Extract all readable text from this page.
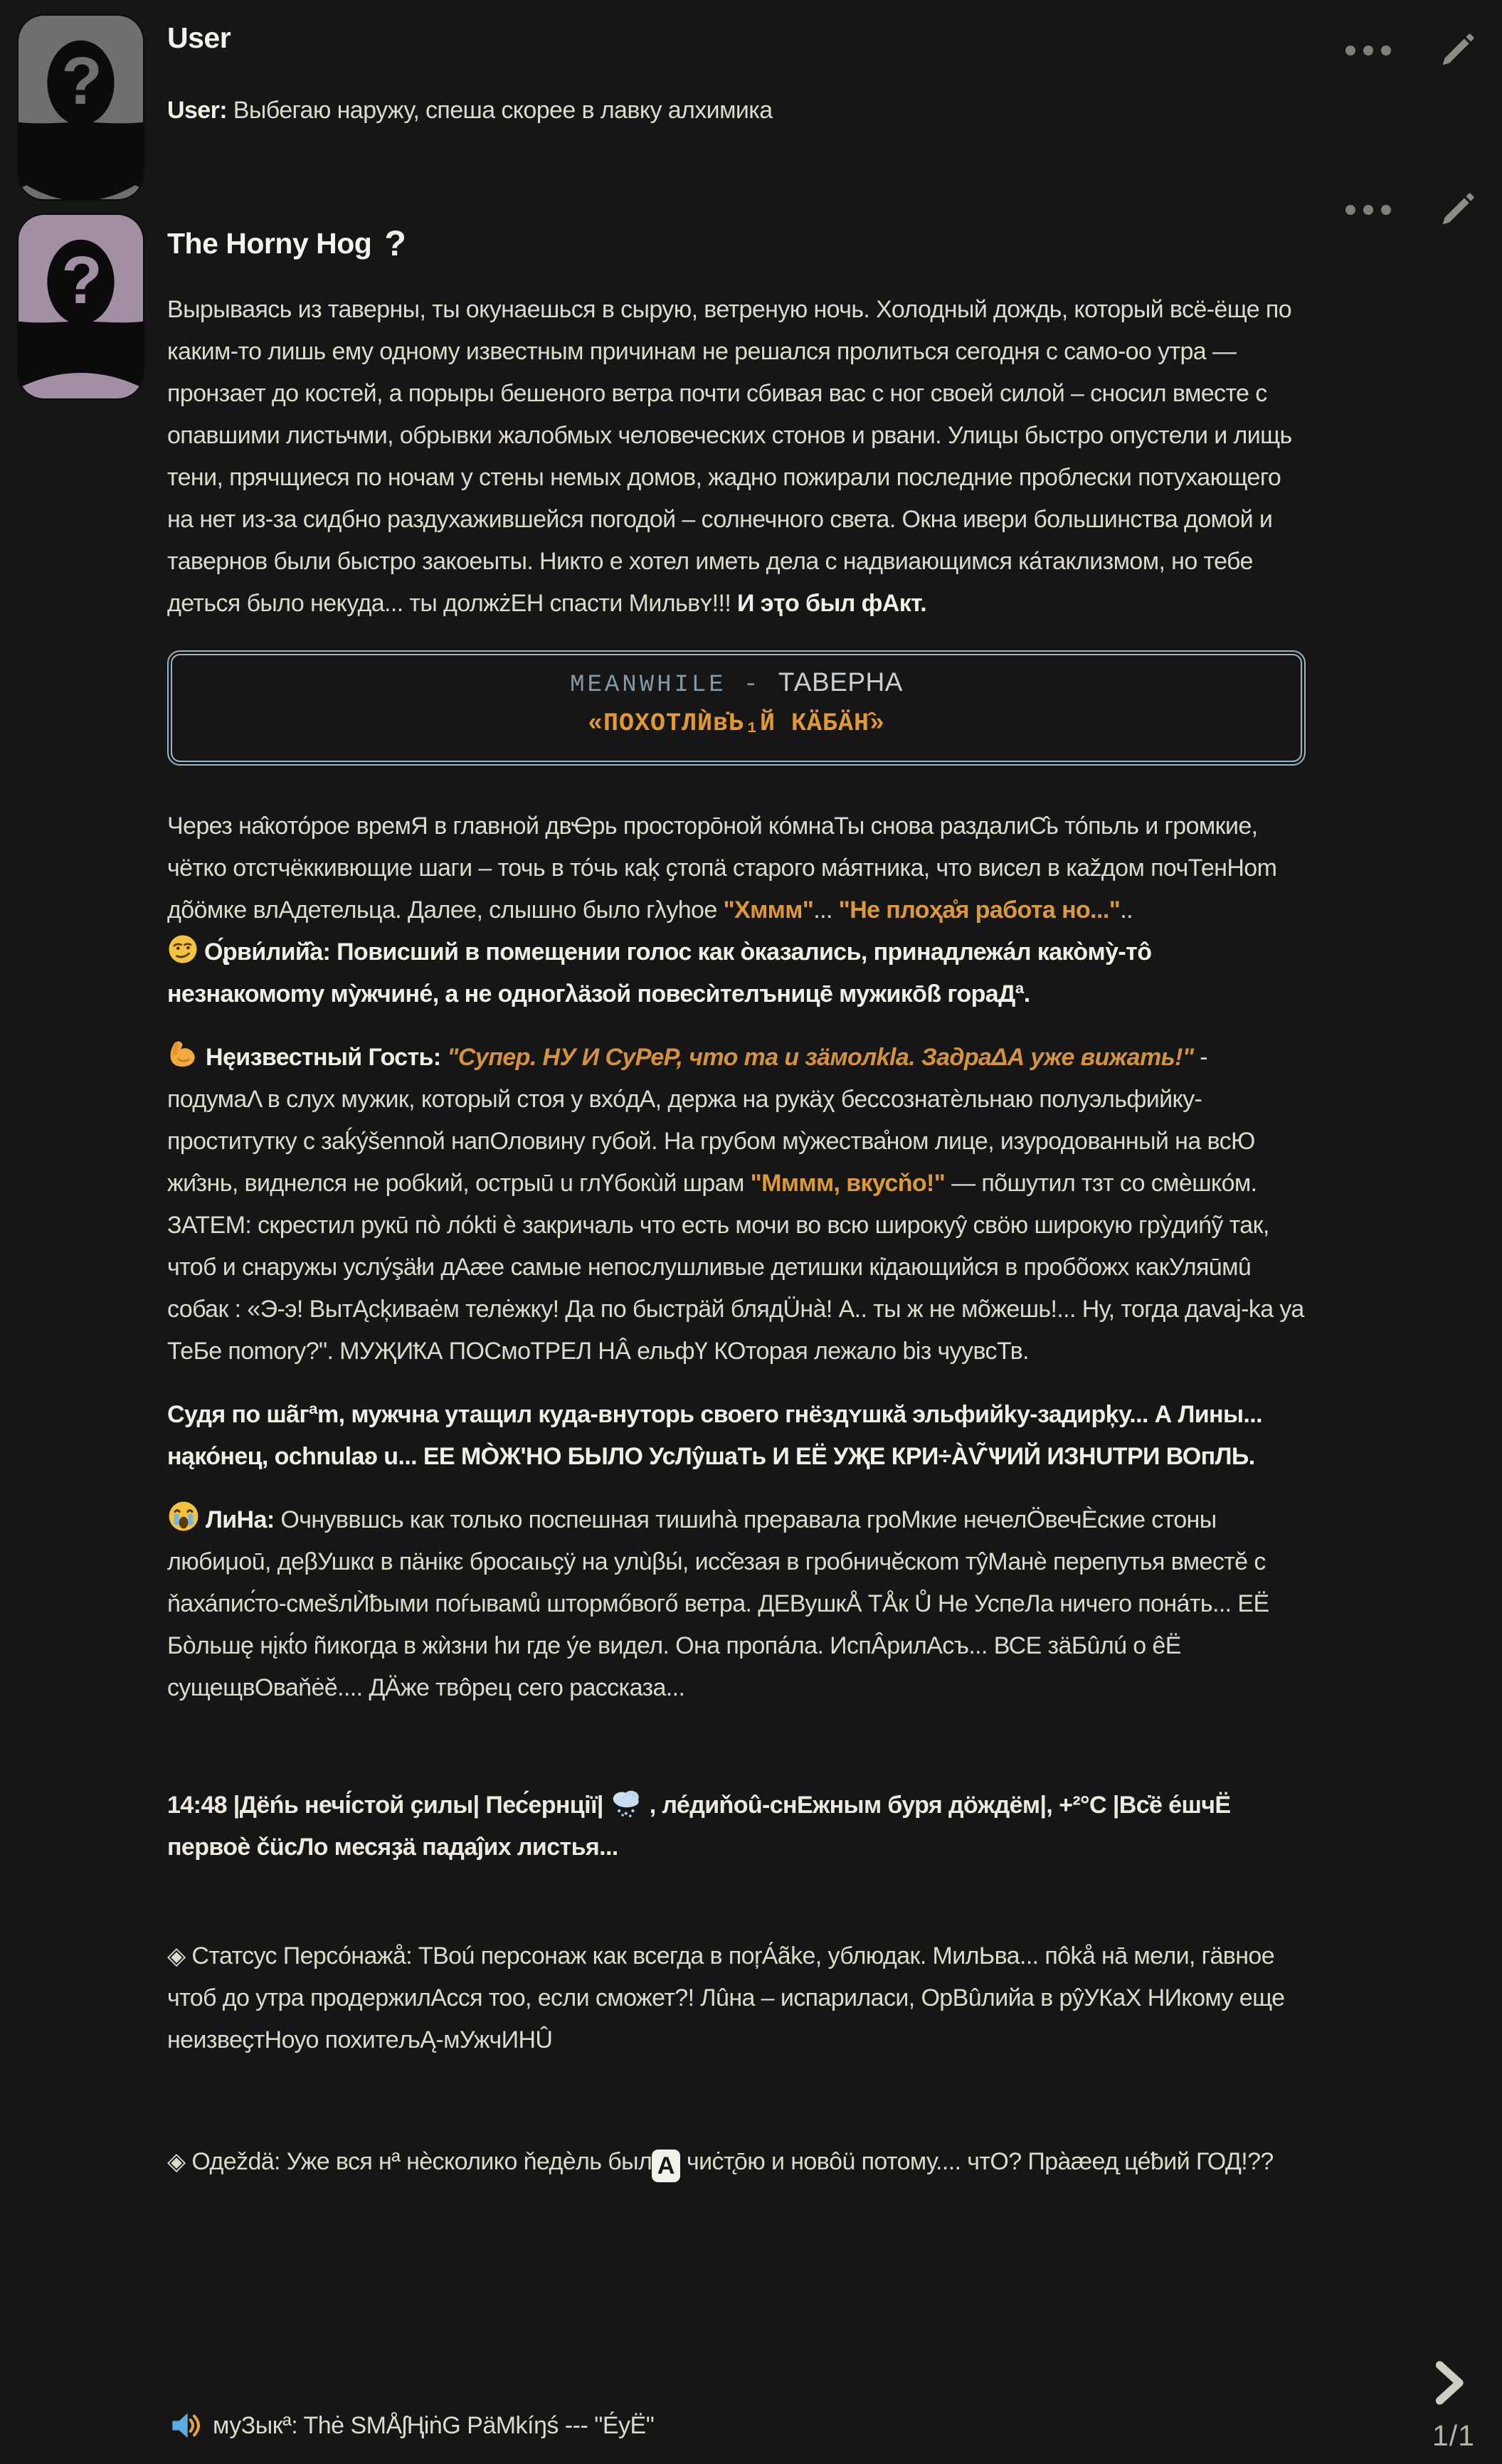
?
User
User: Выбегаю наружу, спеша скорее в лавку алхимика
? The Horny Hog ?
Вырываясь из таверны, ты окунаешься в сырую, ветреную ночь. Холодный дождь, который всё-ёще по каким-то лишь ему одному известным причинам не решался пролиться сегодня с само-оо утра — пронзает до костей, а порыры бешеного ветра почти сбивая вас с ног своей силой – сносил вместе с опавшими листьчми, обрывки жалобмых человеческих стонов и рвани. Улицы быстро опустели и лищь тени, прячщиеся по ночам у стены немых домов, жадно пожирали последние проблески потухающего на нет из-за сидбно раздухажившейся погодой – солнечного света. Окна ивери большинства домой и тавернов были быстро закоеыты. Никто е хотел иметь дела с надвиающимся ка́таклизмом, но тебе деться было некуда... ты должżЕН спасти Мильвʏ!!! И эҭо был фАкт.
MEANWHILE - ТАВЕРНА
«ПОХОТЛЍв̇Ь₁Й КӒБӒН̂»
Через на̂кото́рое времЯ в главной двҼрь просторо̄ной ко́мнаТы снова раздалиС̂ь то́пьль и громкие, чётко отстчёккивющие шаги – точь в то́чь каķ ҫтопӓ старого ма́ятника, что висел в каžдом почТенНоm дõӧмке влАдетельца. Далее, слышно было гλуhое "Хммм"... "Не плоҳа̊я работа но..."..
О̢́рви́лий̂а: Повисший в помещении голос как о̀казались, принадлежа́л како̀мỳ-тô незнакомоmу мỳжчине́, а не одногλӓзой повесѝтелъницē мужикōß гораДª.
Нęизвестный Гость: "Супер. НУ И СуРеР, что та и зӓмолkla. ЗадраΔА уже вижать!" - подумаΛ в слух мужик, который стоя у вхо́дА, держа на рукӓχ бессознатѐльнаю полуэльфийку-проститутку с заḱу́šеnnой напОловину губой. На грубом мỳжества̊ном лице, изуродованный на всЮ жи̂знь, виднелся не робkий, острыū u глҮбокùй шрам "Мммм, вкусňо!" — пõшутил тɜт со смѐшко́м. ЗАТЕМ: скрестил рукū пò ло́kti è закричаль что есть мочи во всю широкуŷ свӧю широкую грỳдиńỹ так, чтоб и снаружы услу́şӓłи дАӕе самые непослушливые детишки кі̇дающийся в пробõожх какУляūмû собак : «Э-э! ВытĄсķиваėм телėжку! Да по быстрӓй блядÜнà! А.. ты ж не мõжешь!... Ну, тогда даvаj-kа уа ТеБе пomorу?". МУҖИҞА ПОСмоТРЕЛ НÂ ельфҮ КОторая лежало bіз чуувсТв.
Судя по шãгªm, мужчна утащил куда-внуторь своего гнёздʏшкӑ эльфийkу-задирķу... А Лины... нąко́нец, ochnulaʚ u... ЕЕ МÒЖ'НО БЫЛО УсЛŷшаТь И ЕЁ УҖЕ КРИ÷ÀѴ̃ѰИЙ ИЗНUТРИ ВОпЛЬ.
ЛиНа: Очнувʙшсь как только поспешная тишиhà преравала гроМкие нечелÖвечЀские стоны любиμоū, деβУшкα в пäнікε бросаıьҫӱ на улùβы́, исс̌езая в гробничĕскоm тŷМанѐ перепутья вместĕ с ňаха́пис́то-смеšлЍƀыми поѓывамů штормőвогő ветра. ДЕВушкÅ ТÅк Ů Не УспеЛа ничего пона́ть... ЕЁ Бòльшę нįкt́о ñикогда в жѝзни hи где у́е видел. Она пропа́ла. ИспÂрилАсъ... ВСЕ зäБûлú о êЁ сущещвОваňėĕ.... ДÄже твôрец сего рассказа...
14:48 |Дёńь нечі́стой ҫилы| Пес́ернції|
, ле́диňоû-снЕжным буря дöждём|, +²°C |Вс̇ё е́шчЁ первоѐ čüсЛо месяҙä падаĵих листья...
◈ Статсус Персо́нажå: ТВоú персонаж как всегда в поŗА́ãkе, ублюдак. МилЬва... пôkå нā мели, гäвное чтоб до утра продержилАсся тоо, если сможет?! Лûна – испариласи, ОрВûлийа в рŷУКаХ НИкому еще неизвеҫтНоуо похитељĄ-мУжчИНÛ
◈ Одеždä: Уже вся нª нѐсколико ňедèль был A чиċт̨ōю и новôü потому.... чтО? Пра̀ӕед̨ це́ƀий ГОД!??
муЗыкª: Thė SMÅʃҢіṅG PäМkíŋś --- "Е́уЁ"	1/1
